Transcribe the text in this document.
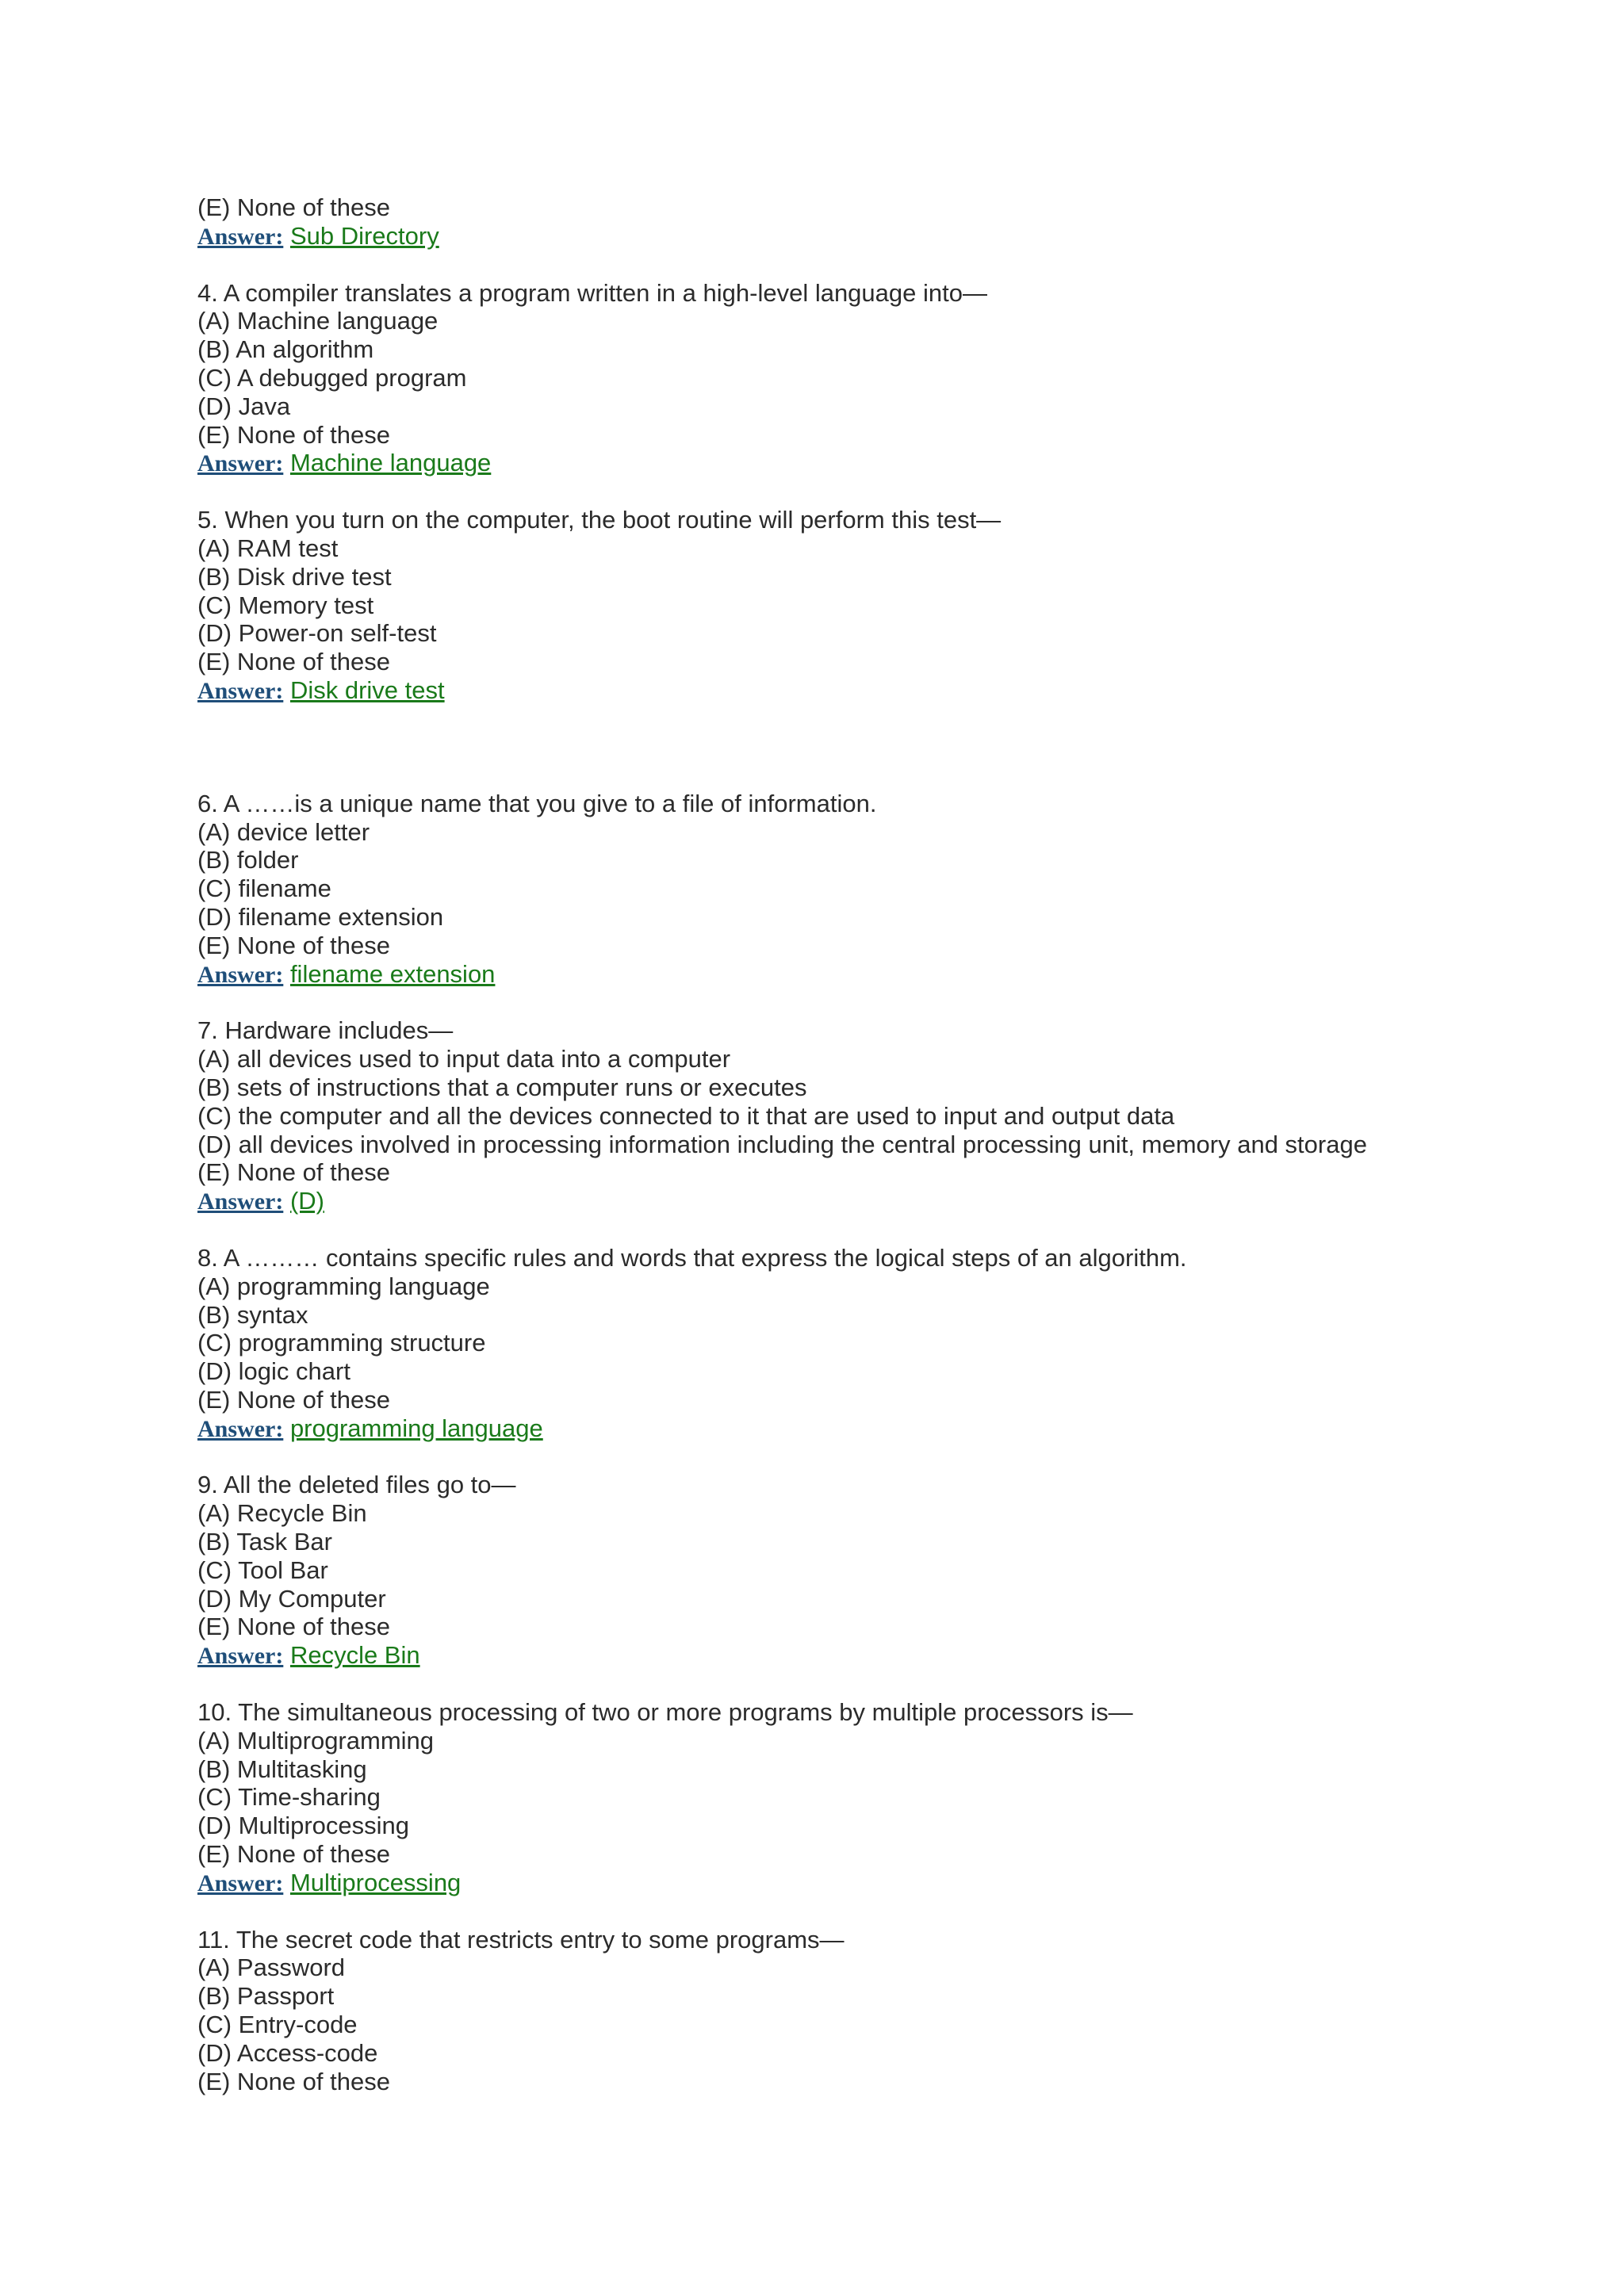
(E) None of these
Answer: Sub Directory
4. A compiler translates a program written in a high-level language into—
(A) Machine language
(B) An algorithm
(C) A debugged program
(D) Java
(E) None of these
Answer: Machine language
5. When you turn on the computer, the boot routine will perform this test—
(A) RAM test
(B) Disk drive test
(C) Memory test
(D) Power-on self-test
(E) None of these
Answer: Disk drive test
6. A ……is a unique name that you give to a file of information.
(A) device letter
(B) folder
(C) filename
(D) filename extension
(E) None of these
Answer: filename extension
7. Hardware includes—
(A) all devices used to input data into a computer
(B) sets of instructions that a computer runs or executes
(C) the computer and all the devices connected to it that are used to input and output data
(D) all devices involved in processing information including the central processing unit, memory and storage
(E) None of these
Answer: (D)
8. A ……… contains specific rules and words that express the logical steps of an algorithm.
(A) programming language
(B) syntax
(C) programming structure
(D) logic chart
(E) None of these
Answer: programming language
9. All the deleted files go to—
(A) Recycle Bin
(B) Task Bar
(C) Tool Bar
(D) My Computer
(E) None of these
Answer: Recycle Bin
10. The simultaneous processing of two or more programs by multiple processors is—
(A) Multiprogramming
(B) Multitasking
(C) Time-sharing
(D) Multiprocessing
(E) None of these
Answer: Multiprocessing
11. The secret code that restricts entry to some programs—
(A) Password
(B) Passport
(C) Entry-code
(D) Access-code
(E) None of these
